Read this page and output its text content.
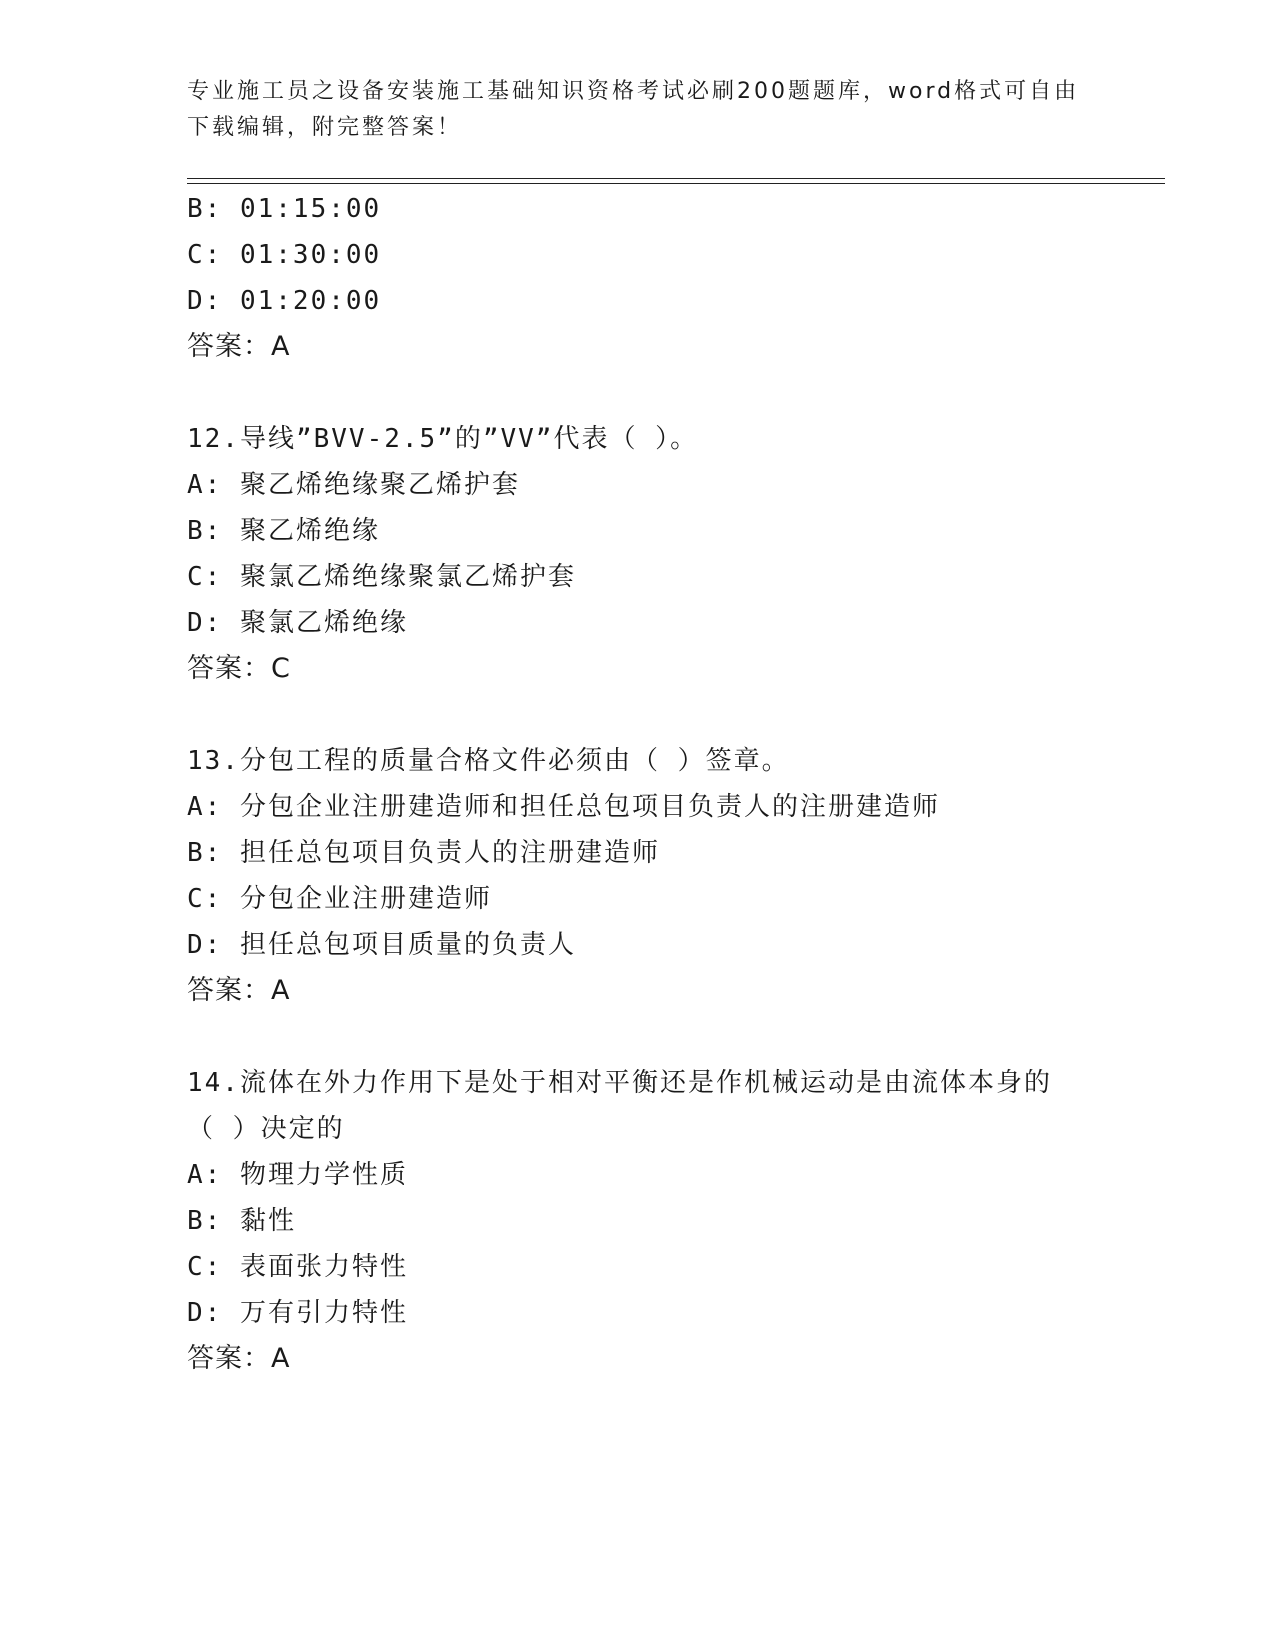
专业施工员之设备安装施工基础知识资格考试必刷200题题库，word格式可自由
下载编辑，附完整答案！
B: 01:15:00
C: 01:30:00
D: 01:20:00
答案：A
12.导线”BVV-2.5”的”VV”代表（ ）。
A: 聚乙烯绝缘聚乙烯护套
B: 聚乙烯绝缘
C: 聚氯乙烯绝缘聚氯乙烯护套
D: 聚氯乙烯绝缘
答案：C
13.分包工程的质量合格文件必须由（ ）签章。
A: 分包企业注册建造师和担任总包项目负责人的注册建造师
B: 担任总包项目负责人的注册建造师
C: 分包企业注册建造师
D: 担任总包项目质量的负责人
答案：A
14.流体在外力作用下是处于相对平衡还是作机械运动是由流体本身的
（ ）决定的
A: 物理力学性质
B: 黏性
C: 表面张力特性
D: 万有引力特性
答案：A
